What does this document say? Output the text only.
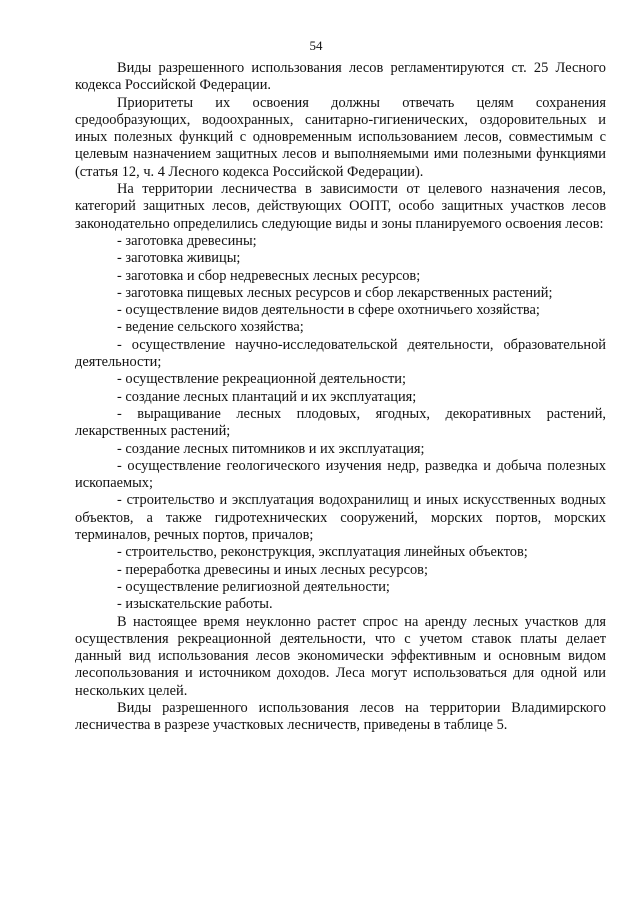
54

Виды разрешенного использования лесов регламентируются ст. 25 Лесного кодекса Российской Федерации.

Приоритеты их освоения должны отвечать целям сохранения средообразующих, водоохранных, санитарно-гигиенических, оздоровительных и иных полезных функций с одновременным использованием лесов, совместимым с целевым назначением защитных лесов и выполняемыми ими полезными функциями (статья 12, ч. 4 Лесного кодекса Российской Федерации).

На территории лесничества в зависимости от целевого назначения лесов, категорий защитных лесов, действующих ООПТ, особо защитных участков лесов законодательно определились следующие виды и зоны планируемого освоения лесов:

- заготовка древесины;

- заготовка живицы;

- заготовка и сбор недревесных лесных ресурсов;

- заготовка пищевых лесных ресурсов и сбор лекарственных растений;

- осуществление видов деятельности в сфере охотничьего хозяйства;

- ведение сельского хозяйства;

- осуществление научно-исследовательской деятельности, образовательной деятельности;

- осуществление рекреационной деятельности;

- создание лесных плантаций и их эксплуатация;

- выращивание лесных плодовых, ягодных, декоративных растений, лекарственных растений;

- создание лесных питомников и их эксплуатация;

- осуществление геологического изучения недр, разведка и добыча полезных ископаемых;

- строительство и эксплуатация водохранилищ и иных искусственных водных объектов, а также гидротехнических сооружений, морских портов, морских терминалов, речных портов, причалов;

- строительство, реконструкция, эксплуатация линейных объектов;

- переработка древесины и иных лесных ресурсов;

- осуществление религиозной деятельности;

- изыскательские работы.

В настоящее время неуклонно растет спрос на аренду лесных участков для осуществления рекреационной деятельности, что с учетом ставок платы делает данный вид использования лесов экономически эффективным и основным видом лесопользования и источником доходов. Леса могут использоваться для одной или нескольких целей.

Виды разрешенного использования лесов на территории Владимирского лесничества в разрезе участковых лесничеств, приведены в таблице 5.
